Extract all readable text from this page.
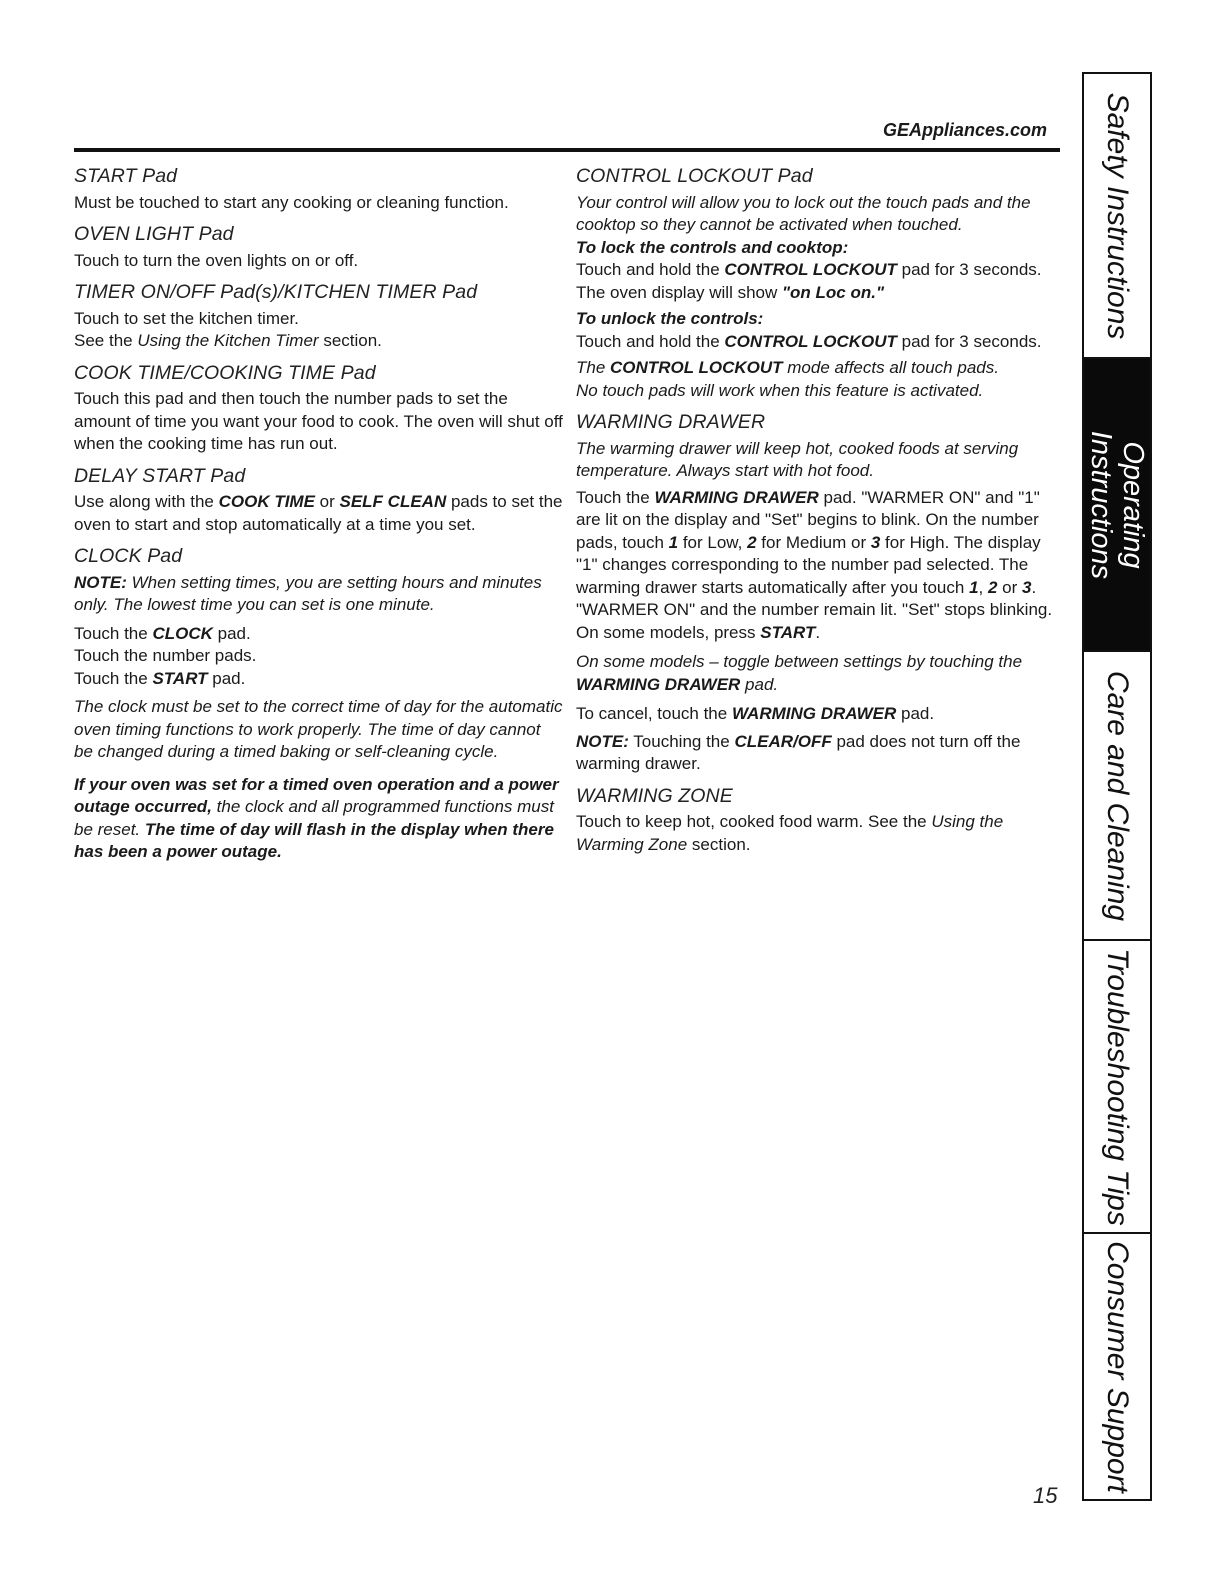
GEAppliances.com
START Pad

Must be touched to start any cooking or cleaning function.

OVEN LIGHT Pad

Touch to turn the oven lights on or off.

TIMER ON/OFF Pad(s)/KITCHEN TIMER Pad

Touch to set the kitchen timer.

See the Using the Kitchen Timer section.

COOK TIME/COOKING TIME Pad

Touch this pad and then touch the number pads to set the amount of time you want your food to cook. The oven will shut off when the cooking time has run out.

DELAY START Pad

Use along with the COOK TIME or SELF CLEAN pads to set the oven to start and stop automatically at a time you set.

CLOCK Pad

NOTE: When setting times, you are setting hours and minutes only. The lowest time you can set is one minute.

Touch the CLOCK pad.

Touch the number pads.

Touch the START pad.

The clock must be set to the correct time of day for the automatic oven timing functions to work properly. The time of day cannot be changed during a timed baking or self-cleaning cycle.

If your oven was set for a timed oven operation and a power outage occurred, the clock and all programmed functions must be reset. The time of day will flash in the display when there has been a power outage.

CONTROL LOCKOUT Pad

Your control will allow you to lock out the touch pads and the cooktop so they cannot be activated when touched.

To lock the controls and cooktop:

Touch and hold the CONTROL LOCKOUT pad for 3 seconds.

The oven display will show "on Loc on."

To unlock the controls:

Touch and hold the CONTROL LOCKOUT pad for 3 seconds.

The CONTROL LOCKOUT mode affects all touch pads.

No touch pads will work when this feature is activated.

WARMING DRAWER

The warming drawer will keep hot, cooked foods at serving temperature. Always start with hot food.

Touch the WARMING DRAWER pad. "WARMER ON" and "1" are lit on the display and "Set" begins to blink. On the number pads, touch 1 for Low, 2 for Medium or 3 for High. The display "1" changes corresponding to the number pad selected. The warming drawer starts automatically after you touch 1, 2 or 3. "WARMER ON" and the number remain lit. "Set" stops blinking. On some models, press START.

On some models – toggle between settings by touching the WARMING DRAWER pad.

To cancel, touch the WARMING DRAWER pad.

NOTE: Touching the CLEAR/OFF pad does not turn off the warming drawer.

WARMING ZONE

Touch to keep hot, cooked food warm. See the Using the Warming Zone section.

15
Safety Instructions
Operating
Instructions
Care and Cleaning
Troubleshooting Tips
Consumer Support
